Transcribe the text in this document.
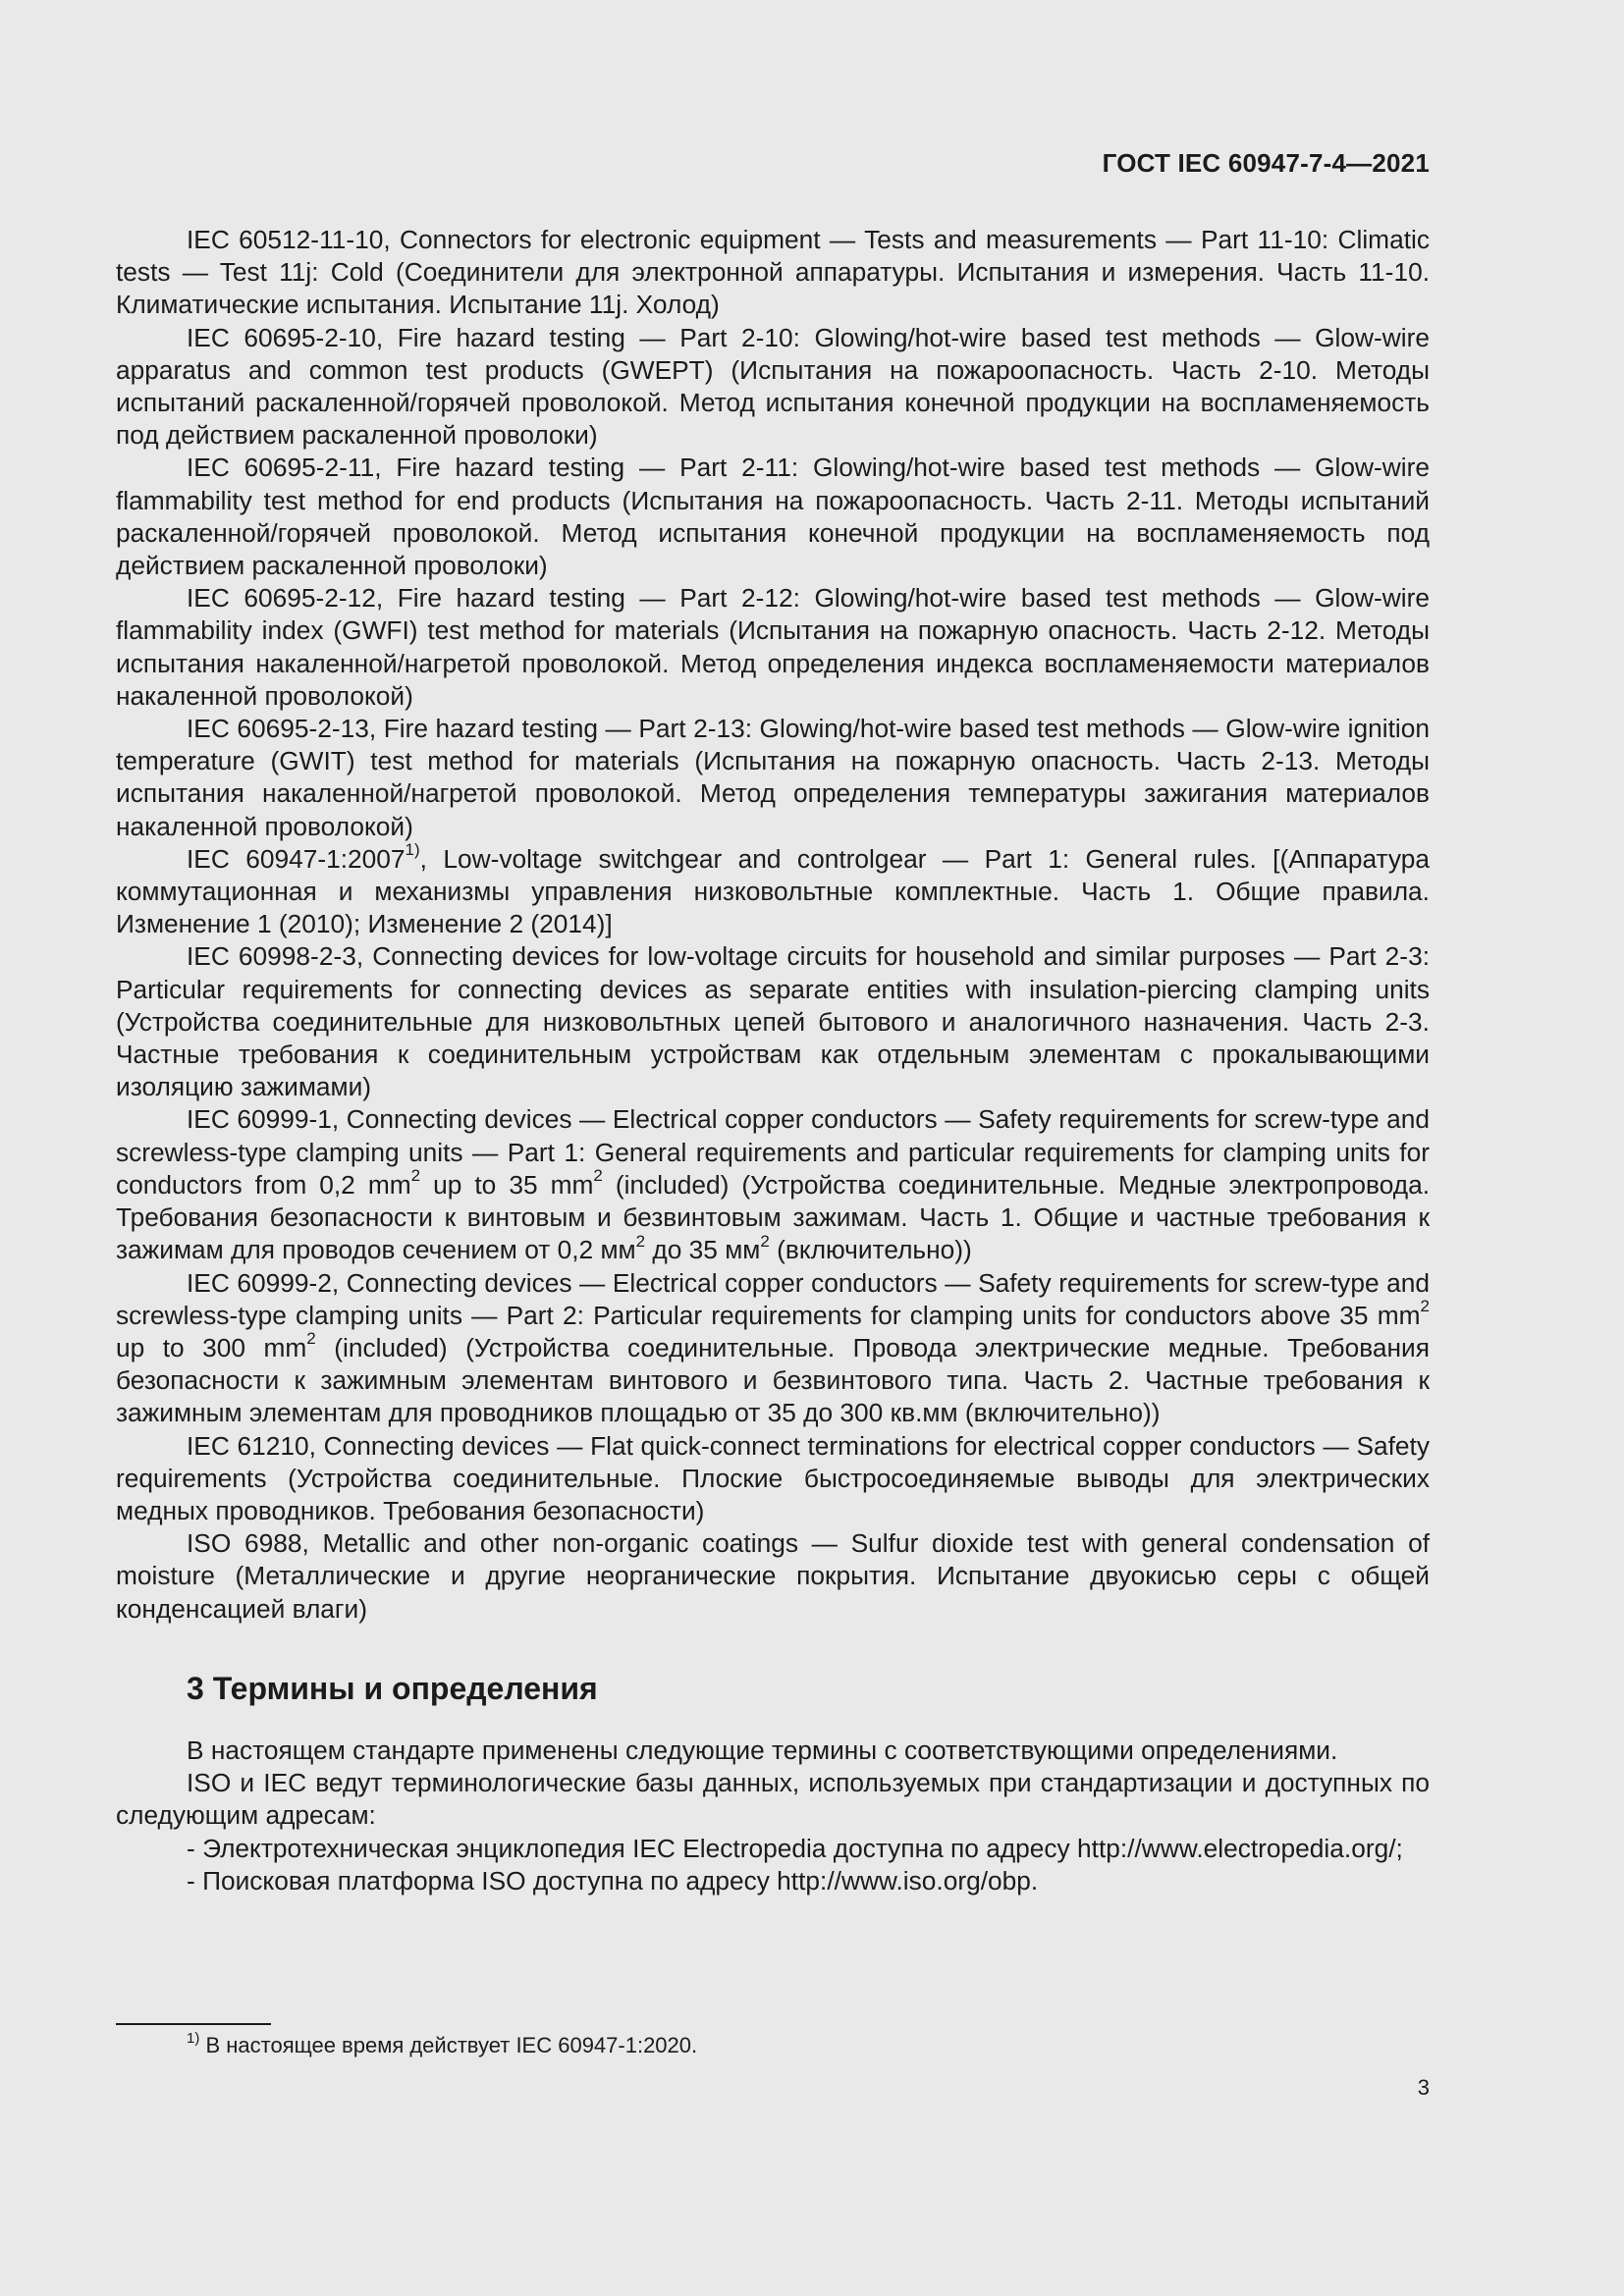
ГОСТ IEC 60947-7-4—2021

IEC 60512-11-10, Connectors for electronic equipment — Tests and measurements — Part 11-10: Climatic tests — Test 11j: Cold (Соединители для электронной аппаратуры. Испытания и измерения. Часть 11-10. Климатические испытания. Испытание 11j. Холод)

IEC 60695-2-10, Fire hazard testing — Part 2-10: Glowing/hot-wire based test methods — Glow-wire apparatus and common test products (GWEPT) (Испытания на пожароопасность. Часть 2-10. Методы испытаний раскаленной/горячей проволокой. Метод испытания конечной продукции на воспламеняемость под действием раскаленной проволоки)

IEC 60695-2-11, Fire hazard testing — Part 2-11: Glowing/hot-wire based test methods — Glow-wire flammability test method for end products (Испытания на пожароопасность. Часть 2-11. Методы испытаний раскаленной/горячей проволокой. Метод испытания конечной продукции на воспламеняемость под действием раскаленной проволоки)

IEC 60695-2-12, Fire hazard testing — Part 2-12: Glowing/hot-wire based test methods — Glow-wire flammability index (GWFI) test method for materials (Испытания на пожарную опасность. Часть 2-12. Методы испытания накаленной/нагретой проволокой. Метод определения индекса воспламеняемости материалов накаленной проволокой)

IEC 60695-2-13, Fire hazard testing — Part 2-13: Glowing/hot-wire based test methods — Glow-wire ignition temperature (GWIT) test method for materials (Испытания на пожарную опасность. Часть 2-13. Методы испытания накаленной/нагретой проволокой. Метод определения температуры зажигания материалов накаленной проволокой)

IEC 60947-1:2007$^{1)}$, Low-voltage switchgear and controlgear — Part 1: General rules. [(Аппаратура коммутационная и механизмы управления низковольтные комплектные. Часть 1. Общие правила. Изменение 1 (2010); Изменение 2 (2014)]

IEC 60998-2-3, Connecting devices for low-voltage circuits for household and similar purposes — Part 2-3: Particular requirements for connecting devices as separate entities with insulation-piercing clamping units (Устройства соединительные для низковольтных цепей бытового и аналогичного назначения. Часть 2-3. Частные требования к соединительным устройствам как отдельным элементам с прокалывающими изоляцию зажимами)

IEC 60999-1, Connecting devices — Electrical copper conductors — Safety requirements for screw-type and screwless-type clamping units — Part 1: General requirements and particular requirements for clamping units for conductors from 0,2 $mm^2$ up to 35 $mm^2$ (included) (Устройства соединительные. Медные электропровода. Требования безопасности к винтовым и безвинтовым зажимам. Часть 1. Общие и частные требования к зажимам для проводов сечением от 0,2 $мм^2$ до 35 $мм^2$ (включительно))

IEC 60999-2, Connecting devices — Electrical copper conductors — Safety requirements for screw-type and screwless-type clamping units — Part 2: Particular requirements for clamping units for conductors above 35 $mm^2$ up to 300 $mm^2$ (included) (Устройства соединительные. Провода электрические медные. Требования безопасности к зажимным элементам винтового и безвинтового типа. Часть 2. Частные требования к зажимным элементам для проводников площадью от 35 до 300 кв.мм (включительно))

IEC 61210, Connecting devices — Flat quick-connect terminations for electrical copper conductors — Safety requirements (Устройства соединительные. Плоские быстросоединяемые выводы для электрических медных проводников. Требования безопасности)

ISO 6988, Metallic and other non-organic coatings — Sulfur dioxide test with general condensation of moisture (Металлические и другие неорганические покрытия. Испытание двуокисью серы с общей конденсацией влаги)

3 Термины и определения

В настоящем стандарте применены следующие термины с соответствующими определениями.

ISO и IEC ведут терминологические базы данных, используемых при стандартизации и доступных по следующим адресам:

- Электротехническая энциклопедия IEC Electropedia доступна по адресу http://www.electropedia.org/;

- Поисковая платформа ISO доступна по адресу http://www.iso.org/obp.

$^{1)}$ В настоящее время действует IEC 60947-1:2020.
3
